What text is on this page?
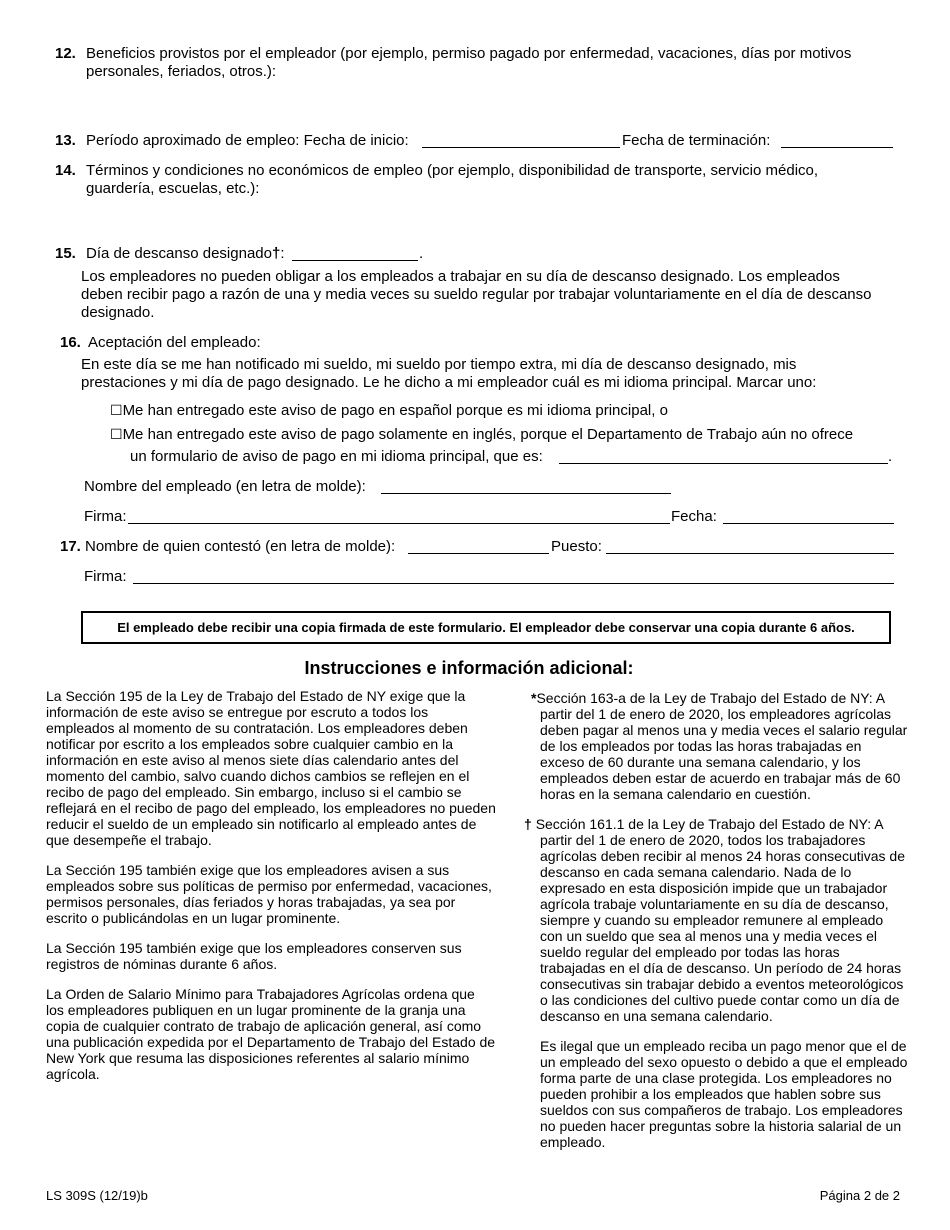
12. Beneficios provistos por el empleador (por ejemplo, permiso pagado por enfermedad, vacaciones, días por motivos
personales, feriados, otros.):
13. Período aproximado de empleo: Fecha de inicio:	Fecha de terminación:
14. Términos y condiciones no económicos de empleo (por ejemplo, disponibilidad de transporte, servicio médico,
guardería, escuelas, etc.):
15. Día de descanso designado†:	.
Los empleadores no pueden obligar a los empleados a trabajar en su día de descanso designado. Los empleados
deben recibir pago a razón de una y media veces su sueldo regular por trabajar voluntariamente en el día de descanso
designado.
16. Aceptación del empleado:
En este día se me han notificado mi sueldo, mi sueldo por tiempo extra, mi día de descanso designado, mis
prestaciones y mi día de pago designado. Le he dicho a mi empleador cuál es mi idioma principal. Marcar uno:
☐Me han entregado este aviso de pago en español porque es mi idioma principal, o
☐Me han entregado este aviso de pago solamente en inglés, porque el Departamento de Trabajo aún no ofrece
un formulario de aviso de pago en mi idioma principal, que es:	.
Nombre del empleado (en letra de molde):
Firma:	Fecha:
17. Nombre de quien contestó (en letra de molde):	Puesto:
Firma:
El empleado debe recibir una copia firmada de este formulario. El empleador debe conservar una copia durante 6 años.
Instrucciones e información adicional:

La Sección 195 de la Ley de Trabajo del Estado de NY exige que la información de este aviso se entregue por escruto a todos los empleados al momento de su contratación. Los empleadores deben notificar por escrito a los empleados sobre cualquier cambio en la información en este aviso al menos siete días calendario antes del momento del cambio, salvo cuando dichos cambios se reflejen en el recibo de pago del empleado. Sin embargo, incluso si el cambio se reflejará en el recibo de pago del empleado, los empleadores no pueden reducir el sueldo de un empleado sin notificarlo al empleado antes de que desempeñe el trabajo.

La Sección 195 también exige que los empleadores avisen a sus empleados sobre sus políticas de permiso por enfermedad, vacaciones, permisos personales, días feriados y horas trabajadas, ya sea por escrito o publicándolas en un lugar prominente.

La Sección 195 también exige que los empleadores conserven sus registros de nóminas durante 6 años.

La Orden de Salario Mínimo para Trabajadores Agrícolas ordena que los empleadores publiquen en un lugar prominente de la granja una copia de cualquier contrato de trabajo de aplicación general, así como una publicación expedida por el Departamento de Trabajo del Estado de New York que resuma las disposiciones referentes al salario mínimo agrícola.

*Sección 163-a de la Ley de Trabajo del Estado de NY: A partir del 1 de enero de 2020, los empleadores agrícolas deben pagar al menos una y media veces el salario regular de los empleados por todas las horas trabajadas en exceso de 60 durante una semana calendario, y los empleados deben estar de acuerdo en trabajar más de 60 horas en la semana calendario en cuestión.

† Sección 161.1 de la Ley de Trabajo del Estado de NY: A partir del 1 de enero de 2020, todos los trabajadores agrícolas deben recibir al menos 24 horas consecutivas de descanso en cada semana calendario. Nada de lo expresado en esta disposición impide que un trabajador agrícola trabaje voluntariamente en su día de descanso, siempre y cuando su empleador remunere al empleado con un sueldo que sea al menos una y media veces el sueldo regular del empleado por todas las horas trabajadas en el día de descanso. Un período de 24 horas consecutivas sin trabajar debido a eventos meteorológicos o las condiciones del cultivo puede contar como un día de descanso en una semana calendario.

Es ilegal que un empleado reciba un pago menor que el de un empleado del sexo opuesto o debido a que el empleado forma parte de una clase protegida. Los empleadores no pueden prohibir a los empleados que hablen sobre sus sueldos con sus compañeros de trabajo. Los empleadores no pueden hacer preguntas sobre la historia salarial de un empleado.

LS 309S (12/19)b	Página 2 de 2
